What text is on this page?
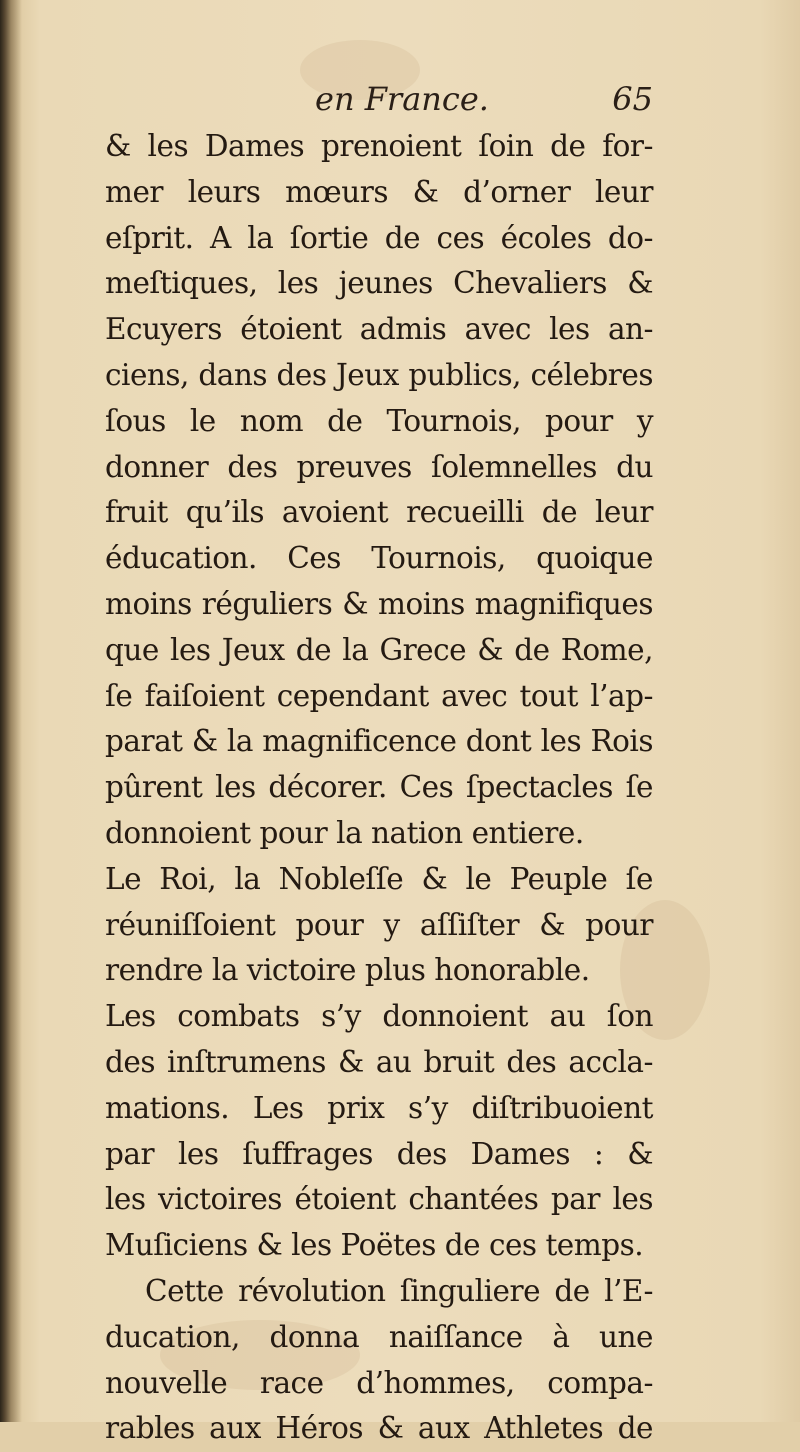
en France.	65
& les Dames prenoient ſoin de for-
mer leurs mœurs & d’orner leur
eſprit. A la ſortie de ces écoles do-
meſtiques, les jeunes Chevaliers &
Ecuyers étoient admis avec les an-
ciens, dans des Jeux publics, célebres
ſous le nom de Tournois, pour y
donner des preuves ſolemnelles du
fruit qu’ils avoient recueilli de leur
éducation. Ces Tournois, quoique
moins réguliers & moins magnifiques
que les Jeux de la Grece & de Rome,
ſe faiſoient cependant avec tout l’ap-
parat & la magnificence dont les Rois
pûrent les décorer. Ces ſpectacles ſe
donnoient pour la nation entiere.
Le Roi, la Nobleſſe & le Peuple ſe
réuniſſoient pour y aſſiſter & pour
rendre la victoire plus honorable.
Les combats s’y donnoient au ſon
des inſtrumens & au bruit des accla-
mations. Les prix s’y diſtribuoient
par les ſuffrages des Dames : &
les victoires étoient chantées par les
Muſiciens & les Poëtes de ces temps.
Cette révolution ſinguliere de l’E-
ducation, donna naiſſance à une
nouvelle race d’hommes, compa-
rables aux Héros & aux Athletes de
